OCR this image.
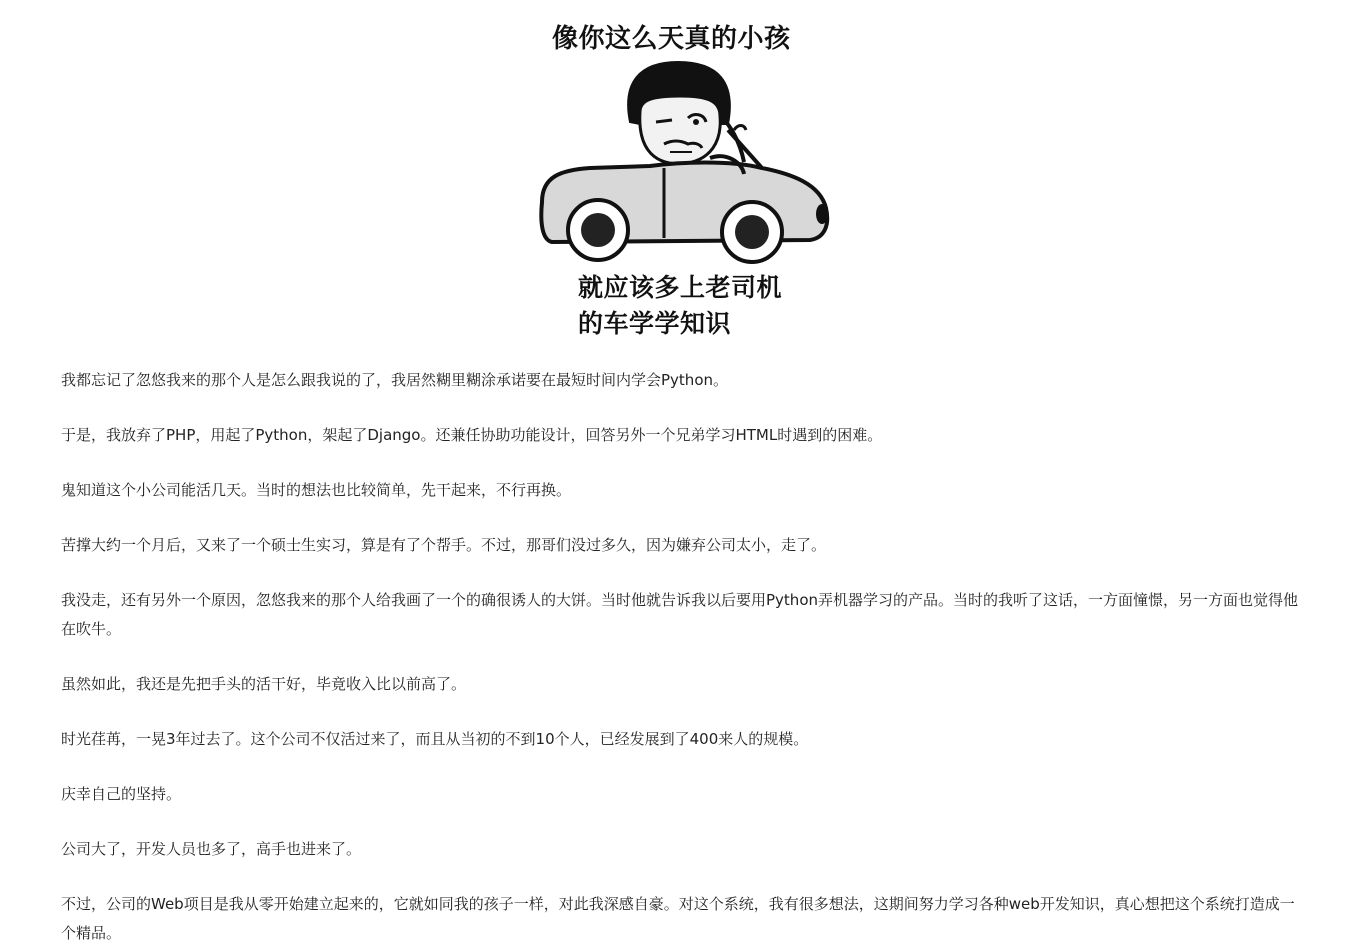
像你这么天真的小孩
就应该多上老司机
的车学学知识

我都忘记了忽悠我来的那个人是怎么跟我说的了，我居然糊里糊涂承诺要在最短时间内学会Python。

于是，我放弃了PHP，用起了Python，架起了Django。还兼任协助功能设计，回答另外一个兄弟学习HTML时遇到的困难。

鬼知道这个小公司能活几天。当时的想法也比较简单，先干起来，不行再换。

苦撑大约一个月后，又来了一个硕士生实习，算是有了个帮手。不过，那哥们没过多久，因为嫌弃公司太小，走了。

我没走，还有另外一个原因，忽悠我来的那个人给我画了一个的确很诱人的大饼。当时他就告诉我以后要用Python弄机器学习的产品。当时的我听了这话，一方面憧憬，另一方面也觉得他在吹牛。

虽然如此，我还是先把手头的活干好，毕竟收入比以前高了。

时光荏苒，一晃3年过去了。这个公司不仅活过来了，而且从当初的不到10个人，已经发展到了400来人的规模。

庆幸自己的坚持。

公司大了，开发人员也多了，高手也进来了。

不过，公司的Web项目是我从零开始建立起来的，它就如同我的孩子一样，对此我深感自豪。对这个系统，我有很多想法，这期间努力学习各种web开发知识，真心想把这个系统打造成一个精品。
